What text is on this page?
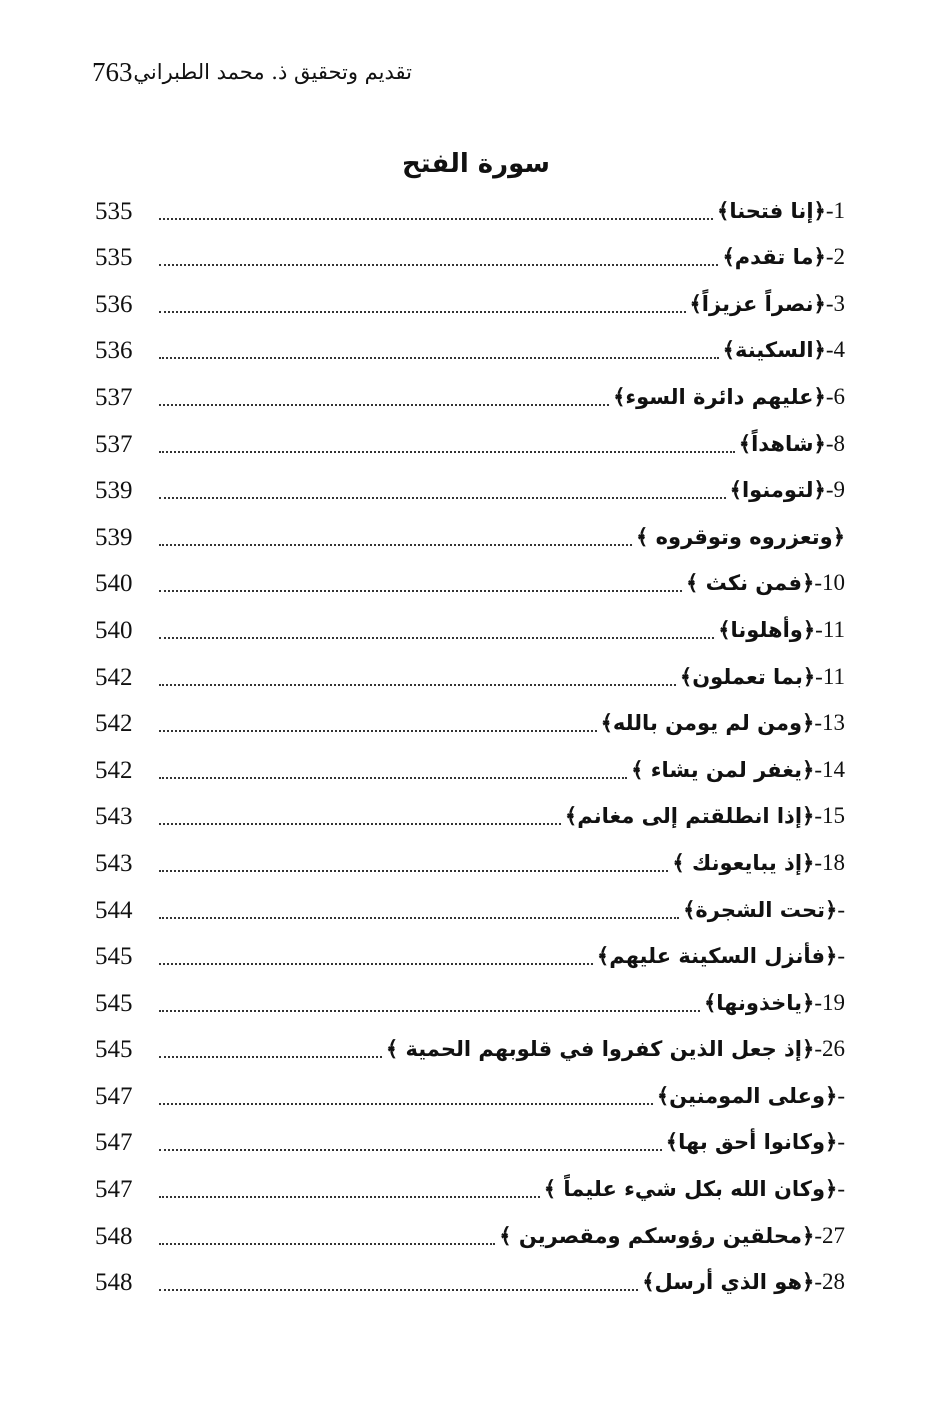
763 تقديم وتحقيق ذ. محمد الطبراني
سورة الفتح
535	1-﴿إنا فتحنا﴾
535	2-﴿ما تقدم﴾
536	3-﴿نصراً عزيزاً﴾
536	4-﴿السكينة﴾
537	6-﴿عليهم دائرة السوء﴾
537	8-﴿شاهداً﴾
539	9-﴿لتومنوا﴾
539	﴿وتعزروه وتوقروه ﴾
540	10-﴿فمن نكث ﴾
540	11-﴿وأهلونا﴾
542	11-﴿بما تعملون﴾
542	13-﴿ومن لم يومن بالله﴾
542	14-﴿يغفر لمن يشاء ﴾
543	15-﴿إذا انطلقتم إلى مغانم﴾
543	18-﴿إذ يبايعونك ﴾
544	-﴿تحت الشجرة﴾
545	-﴿فأنزل السكينة عليهم﴾
545	19-﴿ياخذونها﴾
545	26-﴿إذ جعل الذين كفروا في قلوبهم الحمية ﴾
547	-﴿وعلى المومنين﴾
547	-﴿وكانوا أحق بها﴾
547	-﴿وكان الله بكل شيء عليماً ﴾
548	27-﴿محلقين رؤوسكم ومقصرين ﴾
548	28-﴿هو الذي أرسل﴾
